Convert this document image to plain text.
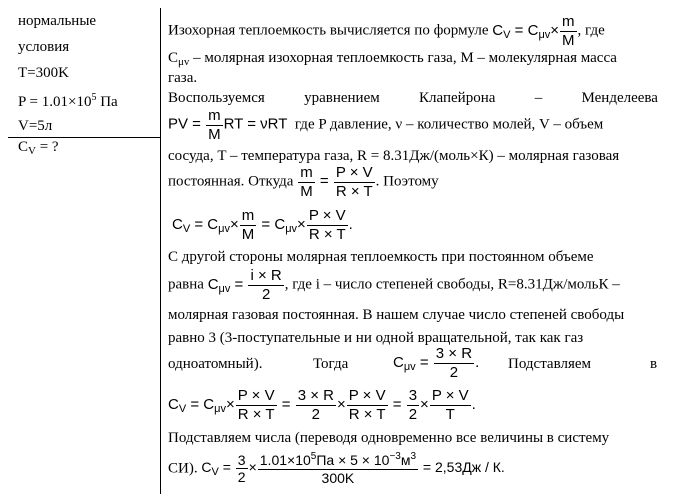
нормальные
условия
T=300K
$P = 1.01\times 10^5$ Па
V=5л
$C_V$ = ?
Изохорная теплоемкость вычисляется по формуле $C_V = C_{\mu v}\times \frac{m}{M}$ , где
$C_{\mu v}$ – молярная изохорная теплоемкость газа, M – молекулярная масса
газа.
Воспользуемся	уравнением	Клапейрона	–	Менделеева
PV = $\frac{m}{M}$ RT = νRT где P давление, ν – количество молей, V – объем
сосуда, T – температура газа, R = 8.31Дж/(моль×К) – молярная газовая
постоянная. Откуда $\frac{m}{M} = \frac{P \times V}{R \times T}$ . Поэтому
$C_V = C_{\mu v}\times \frac{m}{M} = C_{\mu v}\times \frac{P \times V}{R \times T}$ .
С другой стороны молярная теплоемкость при постоянном объеме
равна $C_{\mu v} = \frac{i \times R}{2}$ , где i – число степеней свободы, R=8.31Дж/мольК –
молярная газовая постоянная. В нашем случае число степеней свободы
равно 3 (3-поступательные и ни одной вращательной, так как газ
одноатомный).	Тогда	$C_{\mu v} = \frac{3 \times R}{2}$ . Подставляем	в
$C_V = C_{\mu v}\times \frac{P \times V}{R \times T} = \frac{3 \times R}{2} \times \frac{P \times V}{R \times T} = \frac{3}{2} \times \frac{P \times V}{T}$ .
Подставляем числа (переводя одновременно все величины в систему
СИ). $C_V = \frac{3}{2} \times \frac{1.01\times 10^5Па \times 5 \times 10^{-3}м^3}{300K} = 2,53Дж / К$.
